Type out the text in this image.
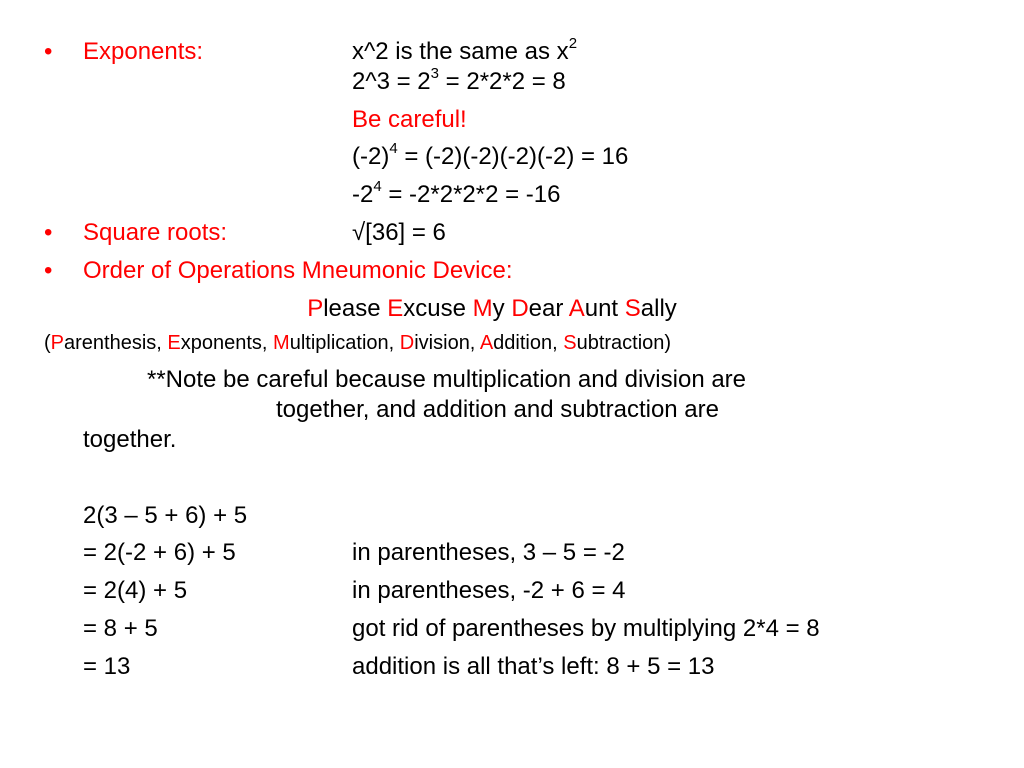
• Exponents:	x^2 is the same as $x^2$
2^3 = $2^3 = 2*2*2 = 8$
Be careful!
$(-2)^4 = (-2)(-2)(-2)(-2) = 16$
$-2^4 = -2*2*2*2 = -16$
• Square roots:	√[36] = 6
• Order of Operations Mneumonic Device:
Please Excuse My Dear Aunt Sally
(Parenthesis, Exponents, Multiplication, Division, Addition, Subtraction)
**Note be careful because multiplication and division are
together, and addition and subtraction are
together.
2(3 – 5 + 6) + 5
= 2(-2 + 6) + 5	in parentheses, 3 – 5 = -2
= 2(4) + 5	in parentheses, -2 + 6 = 4
= 8 + 5	got rid of parentheses by multiplying 2*4 = 8
= 13	addition is all that’s left: 8 + 5 = 13
